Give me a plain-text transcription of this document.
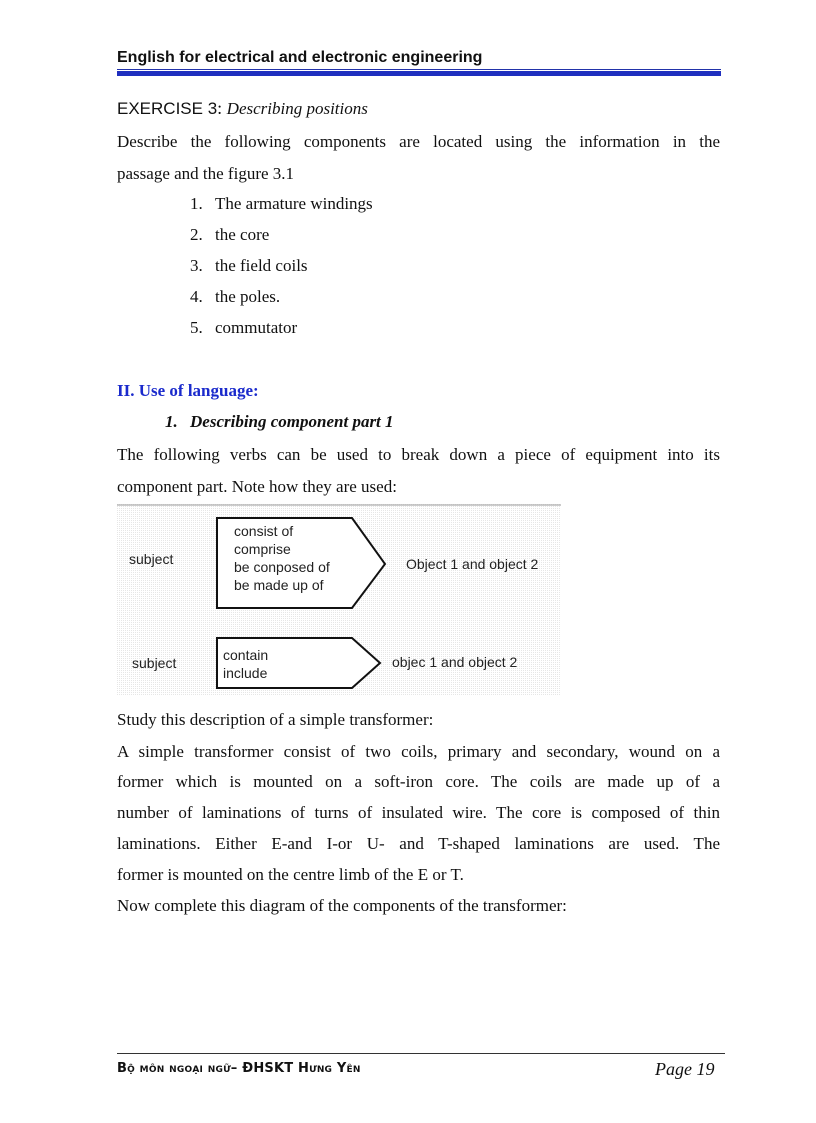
English for electrical and electronic engineering
EXERCISE 3: Describing positions
Describe the following components are located using the information in the
passage and the figure 3.1
1. The armature windings
2. the core
3. the field coils
4. the poles.
5. commutator
II. Use of language:
1. Describing component part 1
The following verbs can be used to break down a piece of equipment into its
component part. Note how they are used:
subject
consist of
comprise
be conposed of
be made up of
Object 1 and object 2
subject	contain
include
objec 1 and object 2
Study this description of a simple transformer:
A simple transformer consist of two coils, primary and secondary, wound on a
former which is mounted on a soft-iron core. The coils are made up of a
number of laminations of turns of insulated wire. The core is composed of thin
laminations. Either E-and I-or U- and T-shaped laminations are used. The
former is mounted on the centre limb of the E or T.
Now complete this diagram of the components of the transformer:
Bộ môn ngoại ngữ– ĐHSKT Hưng Yên	Page 19
